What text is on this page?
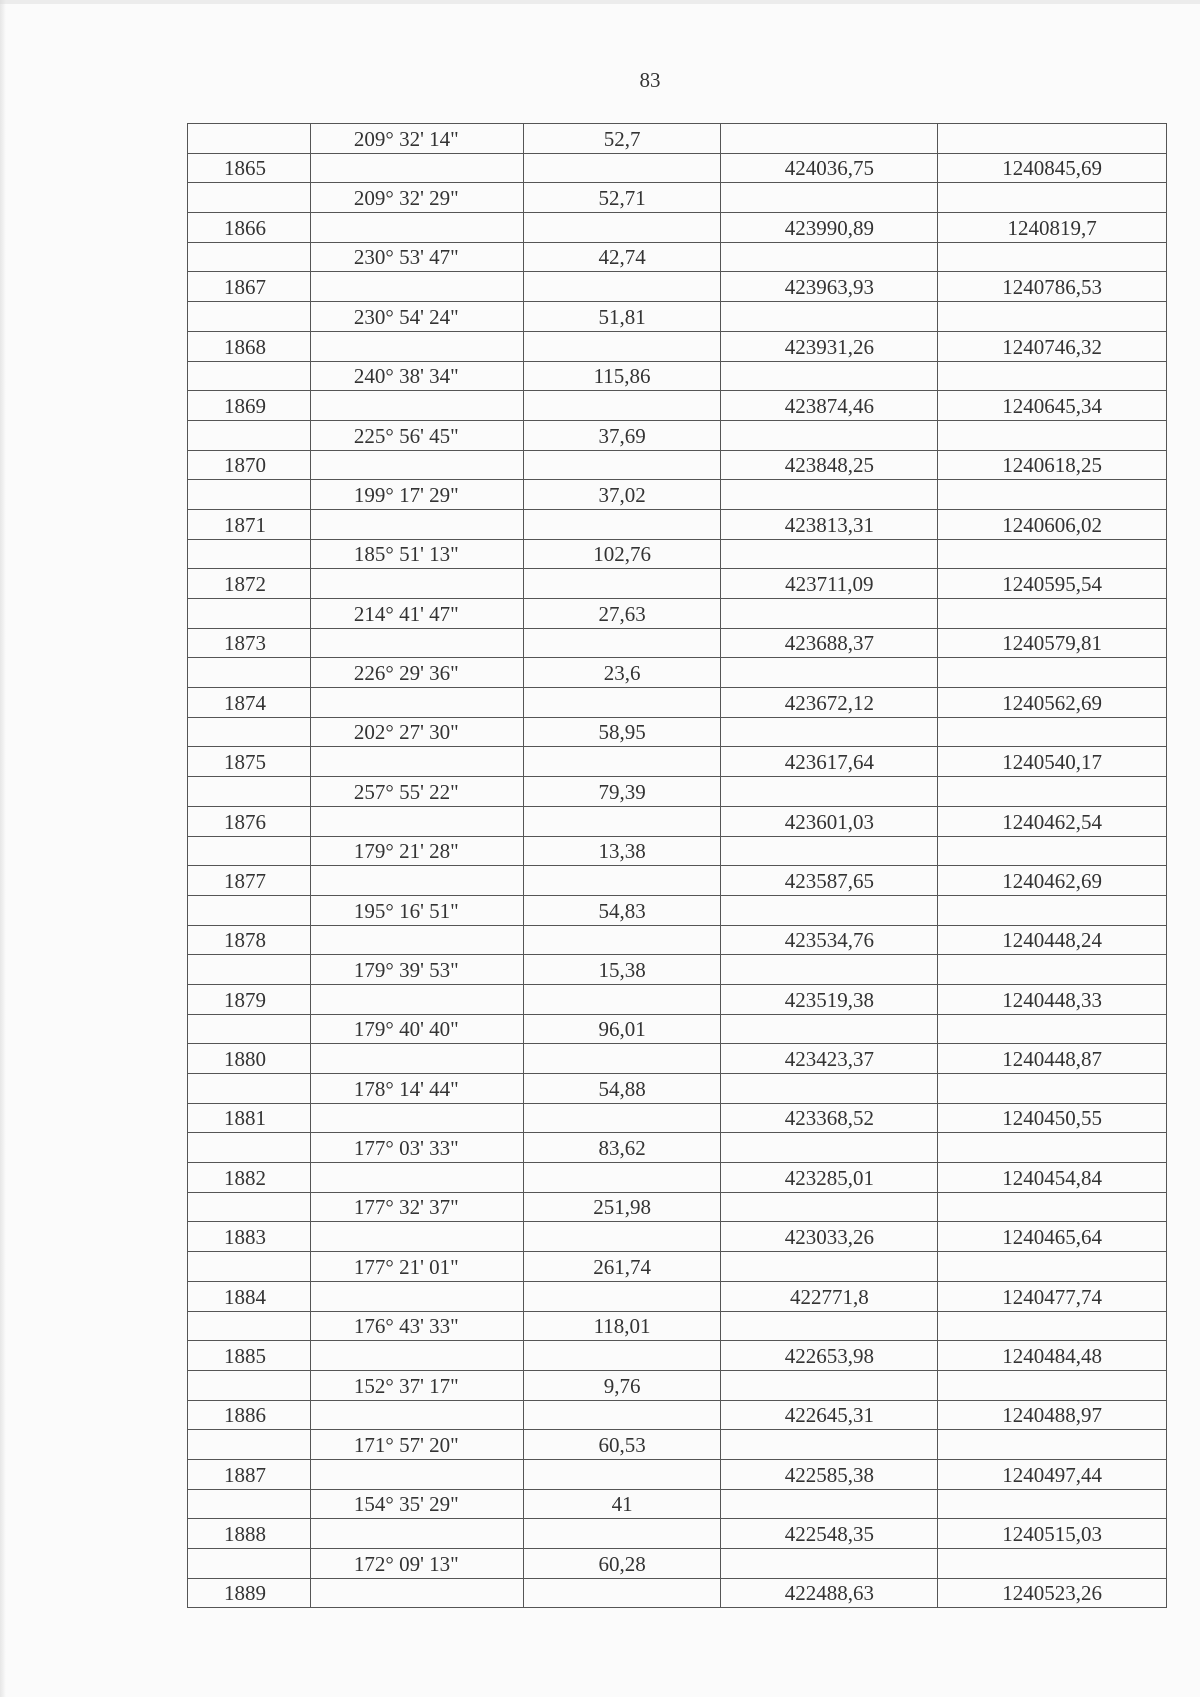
83
	209° 32' 14"	52,7		
1865			424036,75	1240845,69
	209° 32' 29"	52,71		
1866			423990,89	1240819,7
	230° 53' 47"	42,74		
1867			423963,93	1240786,53
	230° 54' 24"	51,81		
1868			423931,26	1240746,32
	240° 38' 34"	115,86		
1869			423874,46	1240645,34
	225° 56' 45"	37,69		
1870			423848,25	1240618,25
	199° 17' 29"	37,02		
1871			423813,31	1240606,02
	185° 51' 13"	102,76		
1872			423711,09	1240595,54
	214° 41' 47"	27,63		
1873			423688,37	1240579,81
	226° 29' 36"	23,6		
1874			423672,12	1240562,69
	202° 27' 30"	58,95		
1875			423617,64	1240540,17
	257° 55' 22"	79,39		
1876			423601,03	1240462,54
	179° 21' 28"	13,38		
1877			423587,65	1240462,69
	195° 16' 51"	54,83		
1878			423534,76	1240448,24
	179° 39' 53"	15,38		
1879			423519,38	1240448,33
	179° 40' 40"	96,01		
1880			423423,37	1240448,87
	178° 14' 44"	54,88		
1881			423368,52	1240450,55
	177° 03' 33"	83,62		
1882			423285,01	1240454,84
	177° 32' 37"	251,98		
1883			423033,26	1240465,64
	177° 21' 01"	261,74		
1884			422771,8	1240477,74
	176° 43' 33"	118,01		
1885			422653,98	1240484,48
	152° 37' 17"	9,76		
1886			422645,31	1240488,97
	171° 57' 20"	60,53		
1887			422585,38	1240497,44
	154° 35' 29"	41		
1888			422548,35	1240515,03
	172° 09' 13"	60,28		
1889			422488,63	1240523,26
